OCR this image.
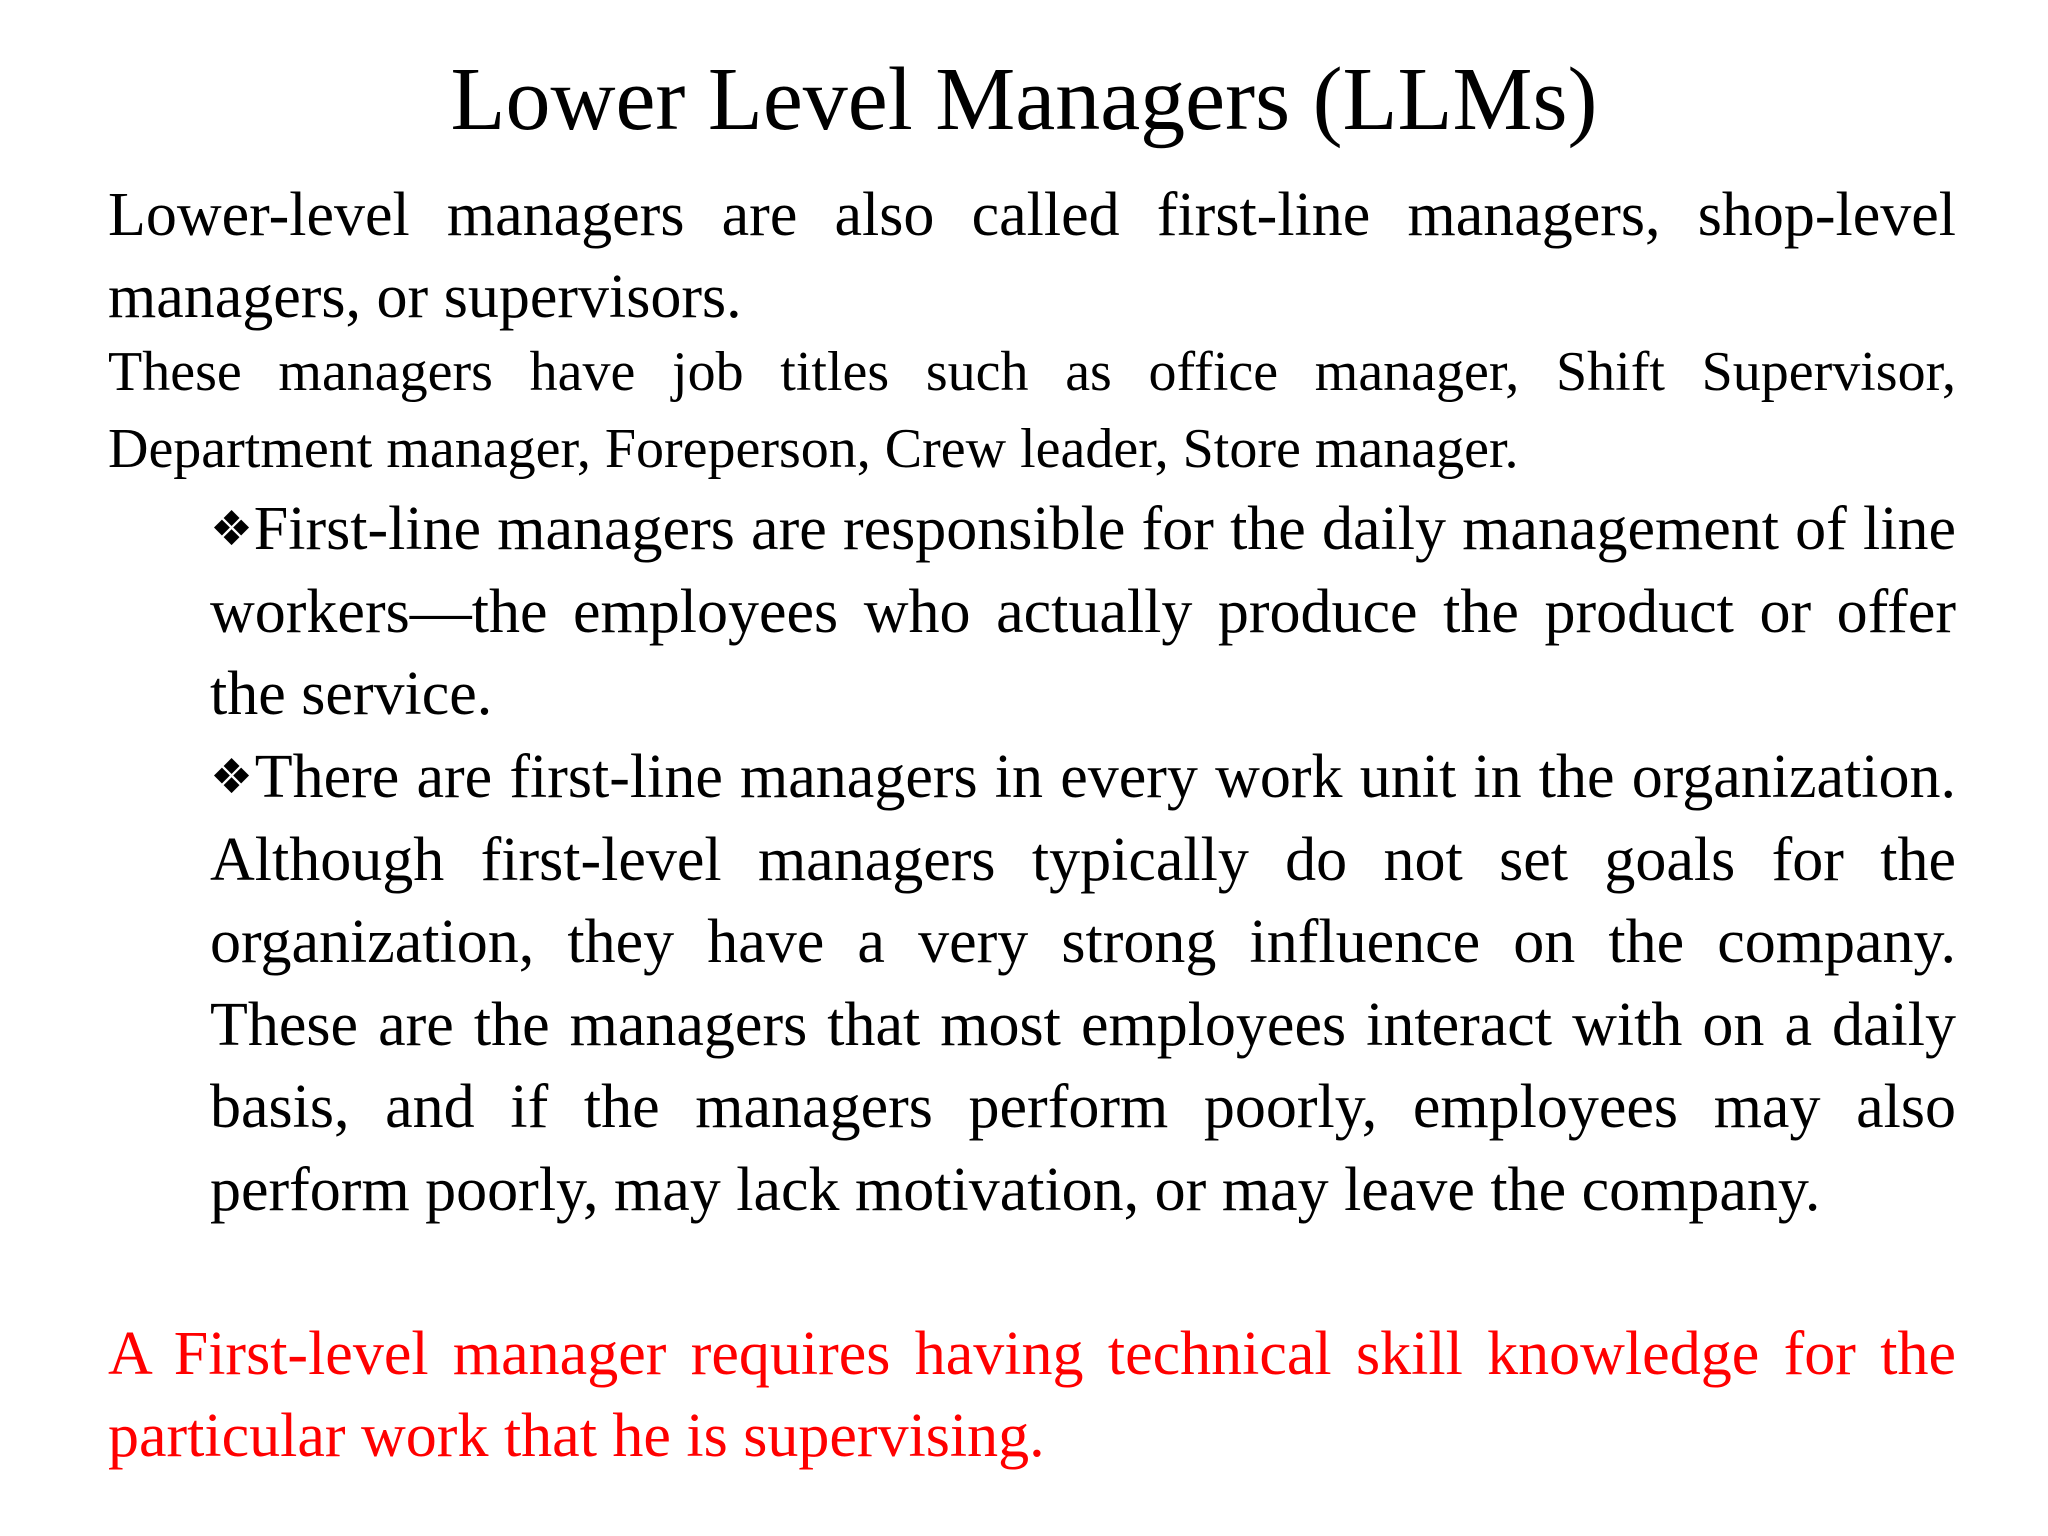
Lower Level Managers (LLMs)

Lower-level managers are also called first-line managers, shop-level managers, or supervisors.

These managers have job titles such as office manager, Shift Supervisor, Department manager, Foreperson, Crew leader, Store manager.

❖First-line managers are responsible for the daily management of line workers—the employees who actually produce the product or offer the service.

❖There are first-line managers in every work unit in the organization. Although first-level managers typically do not set goals for the organization, they have a very strong influence on the company. These are the managers that most employees interact with on a daily basis, and if the managers perform poorly, employees may also perform poorly, may lack motivation, or may leave the company.

A First-level manager requires having technical skill knowledge for the particular work that he is supervising.
